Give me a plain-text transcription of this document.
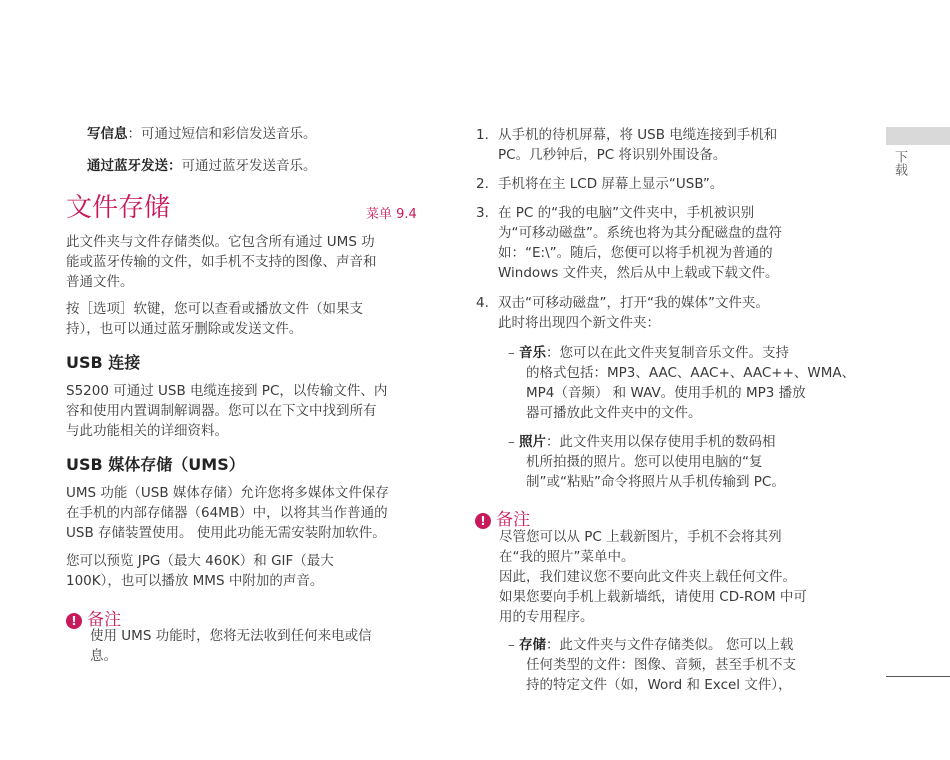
写信息：可通过短信和彩信发送音乐。
通过蓝牙发送：可通过蓝牙发送音乐。
文件存储	菜单 9.4
此文件夹与文件存储类似。它包含所有通过 UMS 功
能或蓝牙传输的文件，如手机不支持的图像、声音和
普通文件。
按［选项］软键，您可以查看或播放文件（如果支
持），也可以通过蓝牙删除或发送文件。
USB 连接
S5200 可通过 USB 电缆连接到 PC，以传输文件、内
容和使用内置调制解调器。您可以在下文中找到所有
与此功能相关的详细资料。
USB 媒体存储（UMS）
UMS 功能（USB 媒体存储）允许您将多媒体文件保存
在手机的内部存储器（64MB）中，以将其当作普通的
USB 存储装置使用。 使用此功能无需安装附加软件。
您可以预览 JPG（最大 460K）和 GIF（最大
100K），也可以播放 MMS 中附加的声音。
! 备注
使用 UMS 功能时，您将无法收到任何来电或信
息。
1. 从手机的待机屏幕，将 USB 电缆连接到手机和
PC。几秒钟后，PC 将识别外围设备。
2. 手机将在主 LCD 屏幕上显示“USB”。
3. 在 PC 的“我的电脑”文件夹中，手机被识别
为“可移动磁盘”。系统也将为其分配磁盘的盘符
如：“E:\”。随后，您便可以将手机视为普通的
Windows 文件夹，然后从中上载或下载文件。
4. 双击“可移动磁盘”，打开“我的媒体”文件夹。
此时将出现四个新文件夹：
– 音乐：您可以在此文件夹复制音乐文件。支持
的格式包括：MP3、AAC、AAC+、AAC++、WMA、
MP4（音频） 和 WAV。使用手机的 MP3 播放
器可播放此文件夹中的文件。
– 照片：此文件夹用以保存使用手机的数码相
机所拍摄的照片。您可以使用电脑的“复
制”或“粘贴”命令将照片从手机传输到 PC。
! 备注
尽管您可以从 PC 上载新图片，手机不会将其列
在“我的照片”菜单中。
因此，我们建议您不要向此文件夹上载任何文件。
如果您要向手机上载新墙纸，请使用 CD-ROM 中可
用的专用程序。
– 存储：此文件夹与文件存储类似。 您可以上载
任何类型的文件：图像、音频，甚至手机不支
持的特定文件（如，Word 和 Excel 文件），
下载
